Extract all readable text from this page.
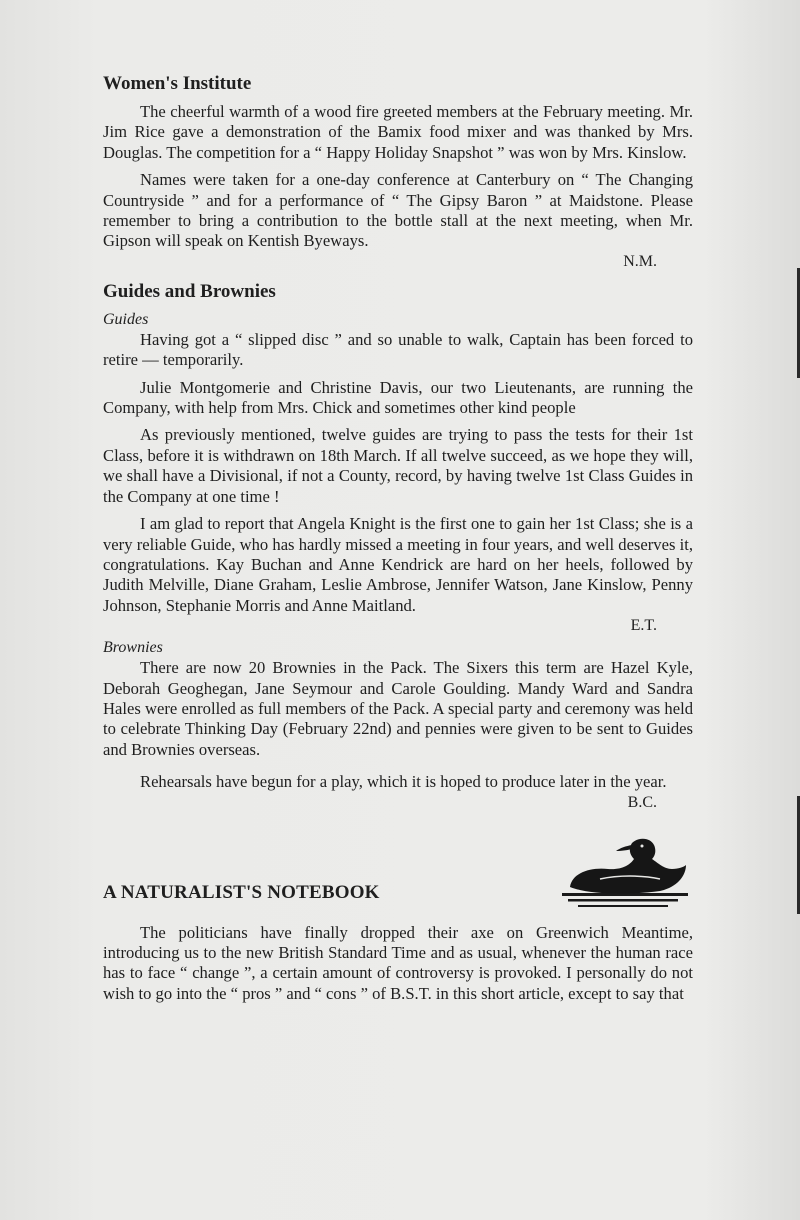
Women's Institute

The cheerful warmth of a wood fire greeted members at the February meeting. Mr. Jim Rice gave a demonstration of the Bamix food mixer and was thanked by Mrs. Douglas. The competition for a “ Happy Holiday Snapshot ” was won by Mrs. Kinslow.

Names were taken for a one-day conference at Canterbury on “ The Changing Countryside ” and for a performance of “ The Gipsy Baron ” at Maidstone. Please remember to bring a contribution to the bottle stall at the next meeting, when Mr. Gipson will speak on Kentish Byeways.

N.M.
Guides and Brownies
Guides

Having got a “ slipped disc ” and so unable to walk, Captain has been forced to retire — temporarily.

Julie Montgomerie and Christine Davis, our two Lieutenants, are running the Company, with help from Mrs. Chick and sometimes other kind people

As previously mentioned, twelve guides are trying to pass the tests for their 1st Class, before it is withdrawn on 18th March. If all twelve succeed, as we hope they will, we shall have a Divisional, if not a County, record, by having twelve 1st Class Guides in the Company at one time !

I am glad to report that Angela Knight is the first one to gain her 1st Class; she is a very reliable Guide, who has hardly missed a meeting in four years, and well deserves it, congratulations. Kay Buchan and Anne Kendrick are hard on her heels, followed by Judith Melville, Diane Graham, Leslie Ambrose, Jennifer Watson, Jane Kinslow, Penny Johnson, Stephanie Morris and Anne Maitland.

E.T.
Brownies

There are now 20 Brownies in the Pack. The Sixers this term are Hazel Kyle, Deborah Geoghegan, Jane Seymour and Carole Goulding. Mandy Ward and Sandra Hales were enrolled as full members of the Pack. A special party and ceremony was held to celebrate Thinking Day (February 22nd) and pennies were given to be sent to Guides and Brownies overseas.

Rehearsals have begun for a play, which it is hoped to produce later in the year.

B.C.
A NATURALIST'S NOTEBOOK

The politicians have finally dropped their axe on Greenwich Meantime, introducing us to the new British Standard Time and as usual, whenever the human race has to face “ change ”, a certain amount of controversy is provoked. I personally do not wish to go into the “ pros ” and “ cons ” of B.S.T. in this short article, except to say that
